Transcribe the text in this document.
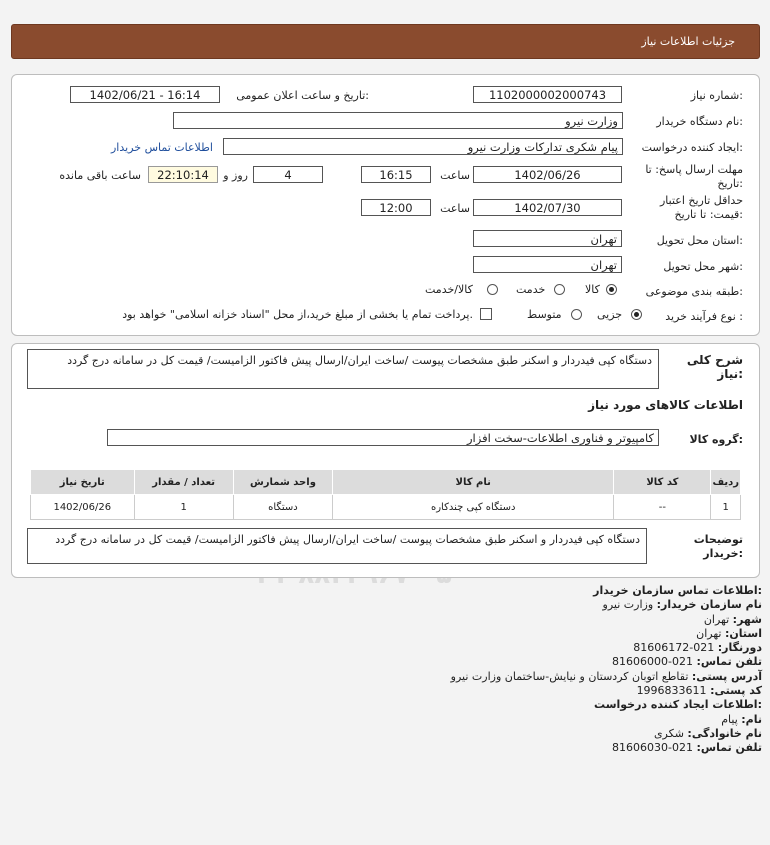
جزئیات اطلاعات نیاز
شماره نیاز:
1102000002000743
تاریخ و ساعت اعلان عمومی:
1402/06/21 - 16:14
نام دستگاه خریدار:
وزارت نیرو
ایجاد کننده درخواست:
پیام شکری تدارکات وزارت نیرو
اطلاعات تماس خریدار
مهلت ارسال پاسخ: تا تاریخ:
1402/06/26
ساعت
16:15
4
روز و
22:10:14
ساعت باقی مانده
حداقل تاریخ اعتبار قیمت: تا تاریخ:
1402/07/30
ساعت
12:00
استان محل تحویل:
تهران
شهر محل تحویل:
تهران
طبقه بندی موضوعی:
کالا
خدمت
کالا/خدمت
نوع فرآیند خرید :
جزیی
متوسط
پرداخت تمام یا بخشی از مبلغ خرید،از محل "اسناد خزانه اسلامی" خواهد بود.
شرح کلی نیاز:
دستگاه کپی فیدردار و اسکنر طبق مشخصات پیوست /ساخت ایران/ارسال پیش فاکتور الزامیست/ قیمت کل در سامانه درج گردد
اطلاعات کالاهای مورد نیاز
گروه کالا:
کامپیوتر و فناوری اطلاعات-سخت افزار
ردیف	کد کالا	نام کالا	واحد شمارش	تعداد / مقدار	تاریخ نیاز
1	--	دستگاه کپی چندکاره	دستگاه	1	1402/06/26
توضیحات خریدار:
دستگاه کپی فیدردار و اسکنر طبق مشخصات پیوست /ساخت ایران/ارسال پیش فاکتور الزامیست/ قیمت کل در سامانه درج گردد
اطلاعات تماس سازمان خریدار:
نام سازمان خریدار: وزارت نیرو
شهر: تهران
استان: تهران
دورنگار: 021-81606172
تلفن تماس: 021-81606000
آدرس پستی: تقاطع اتوبان کردستان و نیایش-ساختمان وزارت نیرو
کد پستی: 1996833611
اطلاعات ایجاد کننده درخواست:
نام: پیام
نام خانوادگی: شکری
تلفن تماس: 021-81606030
